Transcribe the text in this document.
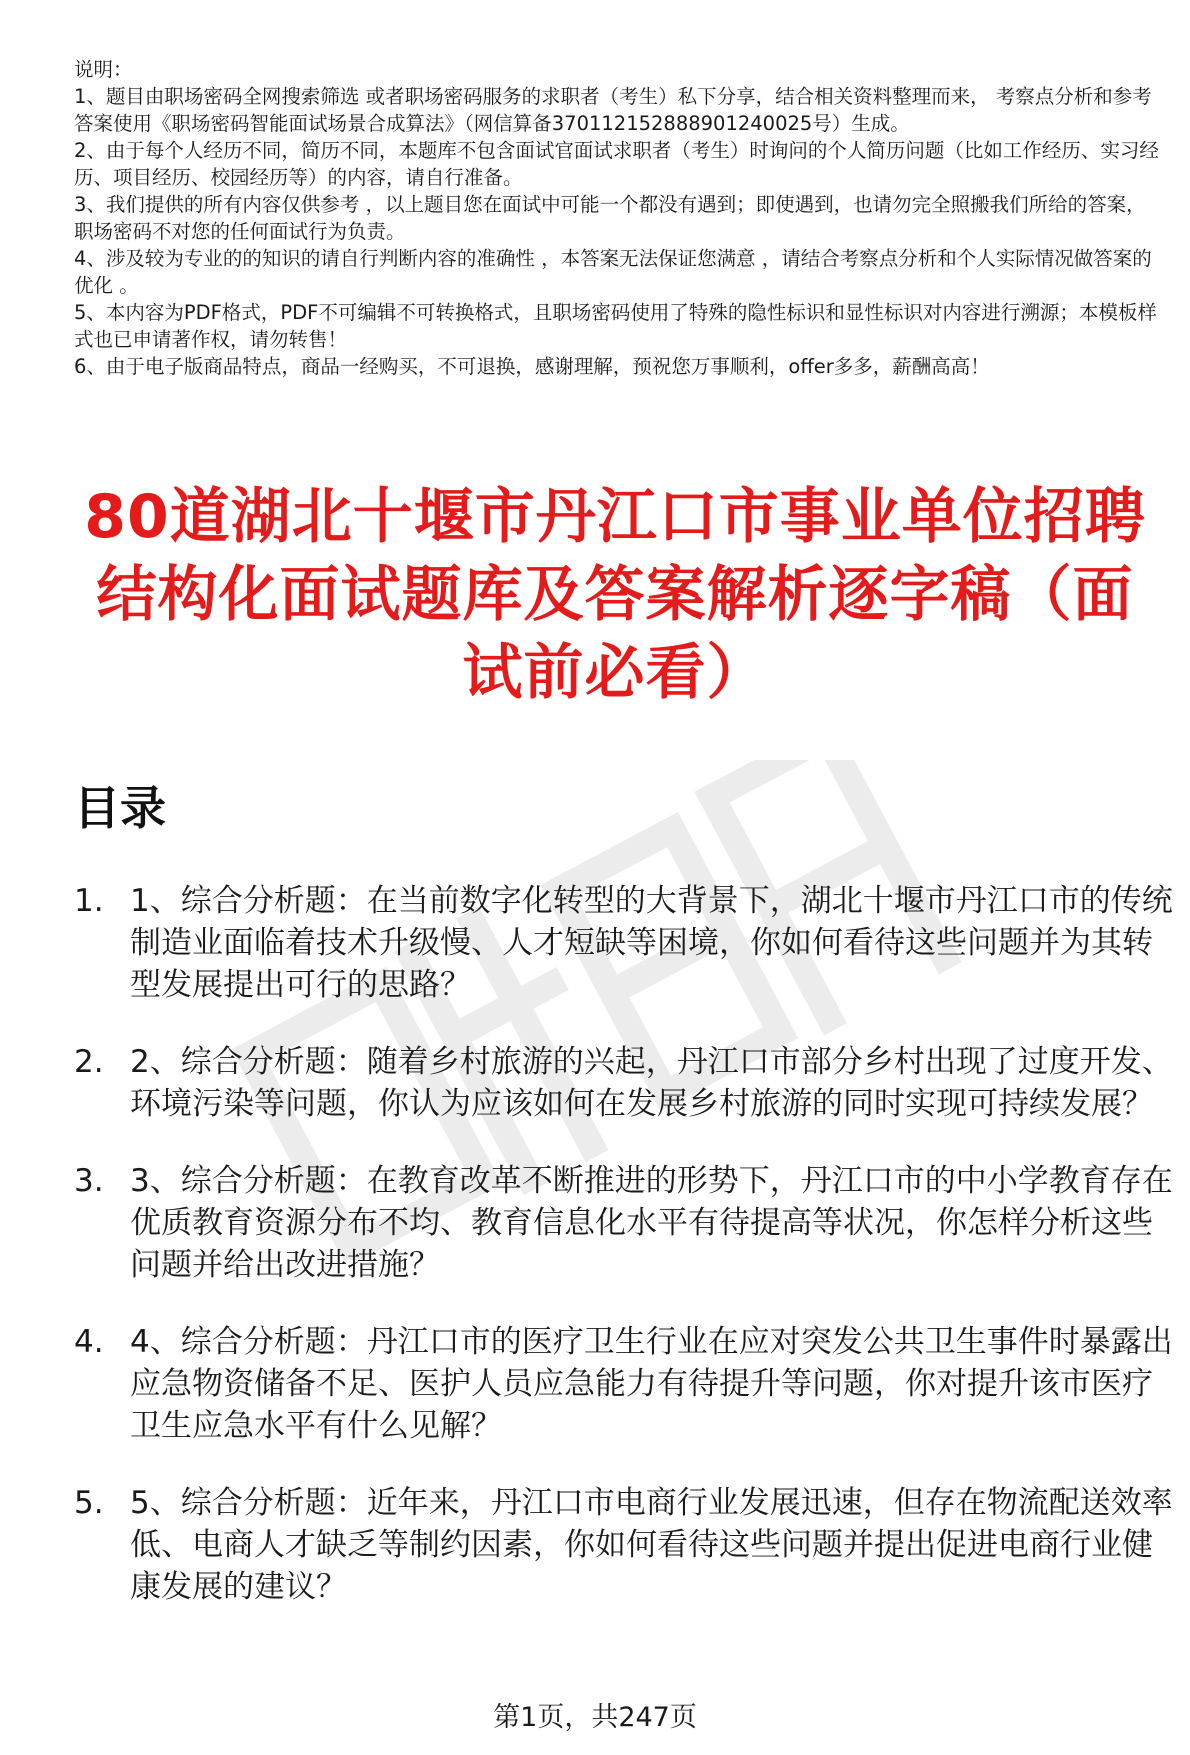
说明：

1、题目由职场密码全网搜索筛选 或者职场密码服务的求职者（考生）私下分享，结合相关资料整理而来， 考察点分析和参考答案使用《职场密码智能面试场景合成算法》（网信算备370112152888901240025号）生成。

2、由于每个人经历不同，简历不同，本题库不包含面试官面试求职者（考生）时询问的个人简历问题（比如工作经历、实习经历、项目经历、校园经历等）的内容，请自行准备。

3、我们提供的所有内容仅供参考 ，以上题目您在面试中可能一个都没有遇到；即使遇到，也请勿完全照搬我们所给的答案，职场密码不对您的任何面试行为负责。

4、涉及较为专业的的知识的请自行判断内容的准确性 ，本答案无法保证您满意 ，请结合考察点分析和个人实际情况做答案的优化 。

5、本内容为PDF格式，PDF不可编辑不可转换格式，且职场密码使用了特殊的隐性标识和显性标识对内容进行溯源；本模板样式也已申请著作权，请勿转售！

6、由于电子版商品特点，商品一经购买，不可退换，感谢理解，预祝您万事顺利，offer多多，薪酬高高！

80道湖北十堰市丹江口市事业单位招聘结构化面试题库及答案解析逐字稿（面试前必看）
目录
1. 1、综合分析题：在当前数字化转型的大背景下，湖北十堰市丹江口市的传统制造业面临着技术升级慢、人才短缺等困境，你如何看待这些问题并为其转型发展提出可行的思路？
2. 2、综合分析题：随着乡村旅游的兴起，丹江口市部分乡村出现了过度开发、环境污染等问题，你认为应该如何在发展乡村旅游的同时实现可持续发展？
3. 3、综合分析题：在教育改革不断推进的形势下，丹江口市的中小学教育存在优质教育资源分布不均、教育信息化水平有待提高等状况，你怎样分析这些问题并给出改进措施？
4. 4、综合分析题：丹江口市的医疗卫生行业在应对突发公共卫生事件时暴露出应急物资储备不足、医护人员应急能力有待提升等问题，你对提升该市医疗卫生应急水平有什么见解？
5. 5、综合分析题：近年来，丹江口市电商行业发展迅速，但存在物流配送效率低、电商人才缺乏等制约因素，你如何看待这些问题并提出促进电商行业健康发展的建议？
第1页，共247页
